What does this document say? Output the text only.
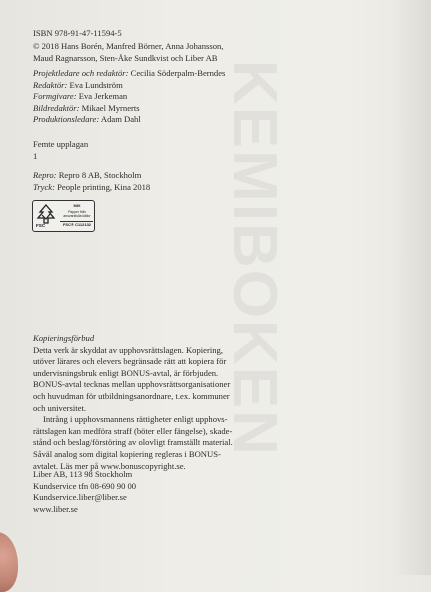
KEMIBOKEN
ISBN 978-91-47-11594-5

© 2018 Hans Borén, Manfred Börner, Anna Johansson,

Maud Ragnarsson, Sten-Åke Sundkvist och Liber AB

Projektledare och redaktör: Cecilia Söderpalm-Berndes

Redaktör: Eva Lundström

Formgivare: Eva Jerkeman

Bildredaktör: Mikael Myrnerts

Produktionsledare: Adam Dahl

Femte upplagan

1

Repro: Repro 8 AB, Stockholm

Tryck: People printing, Kina 2018

FSC
MIX
Papper från ansvarsfulla källor
FSC® C112132

Kopieringsförbud

Detta verk är skyddat av upphovsrättslagen. Kopiering,

utöver lärares och elevers begränsade rätt att kopiera för

undervisningsbruk enligt BONUS-avtal, är förbjuden.

BONUS-avtal tecknas mellan upphovsrättsorganisationer

och huvudman för utbildningsanordnare, t.ex. kommuner

och universitet.

Intrång i upphovsmannens rättigheter enligt upphovs-

rättslagen kan medföra straff (böter eller fängelse), skade-

stånd och beslag/förstöring av olovligt framställt material.

Såväl analog som digital kopiering regleras i BONUS-

avtalet. Läs mer på www.bonuscopyright.se.

Liber AB, 113 98 Stockholm

Kundservice tfn 08-690 90 00

Kundservice.liber@liber.se

www.liber.se
